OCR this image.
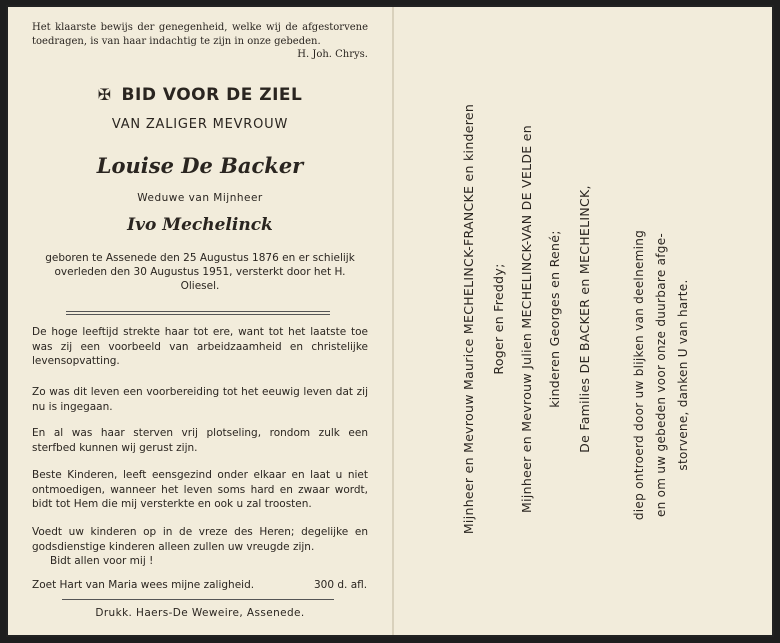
Het klaarste bewijs der genegenheid, welke wij de afgestorvene toedragen, is van haar indachtig te zijn in onze gebeden.
H. Joh. Chrys.
✠ BID VOOR DE ZIEL
VAN ZALIGER MEVROUW
Louise De Backer
Weduwe van Mijnheer
Ivo Mechelinck
geboren te Assenede den 25 Augustus 1876 en er schielijk overleden den 30 Augustus 1951, versterkt door het H. Oliesel.
De hoge leeftijd strekte haar tot ere, want tot het laatste toe was zij een voorbeeld van arbeidzaamheid en christelijke levensopvatting.
Zo was dit leven een voorbereiding tot het eeuwig leven dat zij nu is ingegaan.
En al was haar sterven vrij plotseling, rondom zulk een sterfbed kunnen wij gerust zijn.
Beste Kinderen, leeft eensgezind onder elkaar en laat u niet ontmoedigen, wanneer het leven soms hard en zwaar wordt, bidt tot Hem die mij versterkte en ook u zal troosten.
Voedt uw kinderen op in de vreze des Heren; degelijke en godsdienstige kinderen alleen zullen uw vreugde zijn.
Bidt allen voor mij !
Zoet Hart van Maria wees mijne zaligheid.	300 d. afl.
Drukk. Haers-De Weweire, Assenede.
Mijnheer en Mevrouw Maurice MECHELINCK-FRANCKE en kinderen Roger en Freddy; Mijnheer en Mevrouw Julien MECHELINCK-VAN DE VELDE en kinderen Georges en René; De Families DE BACKER en MECHELINCK,	diep ontroerd door uw blijken van deelneming en om uw gebeden voor onze duurbare afge- storvene, danken U van harte.
